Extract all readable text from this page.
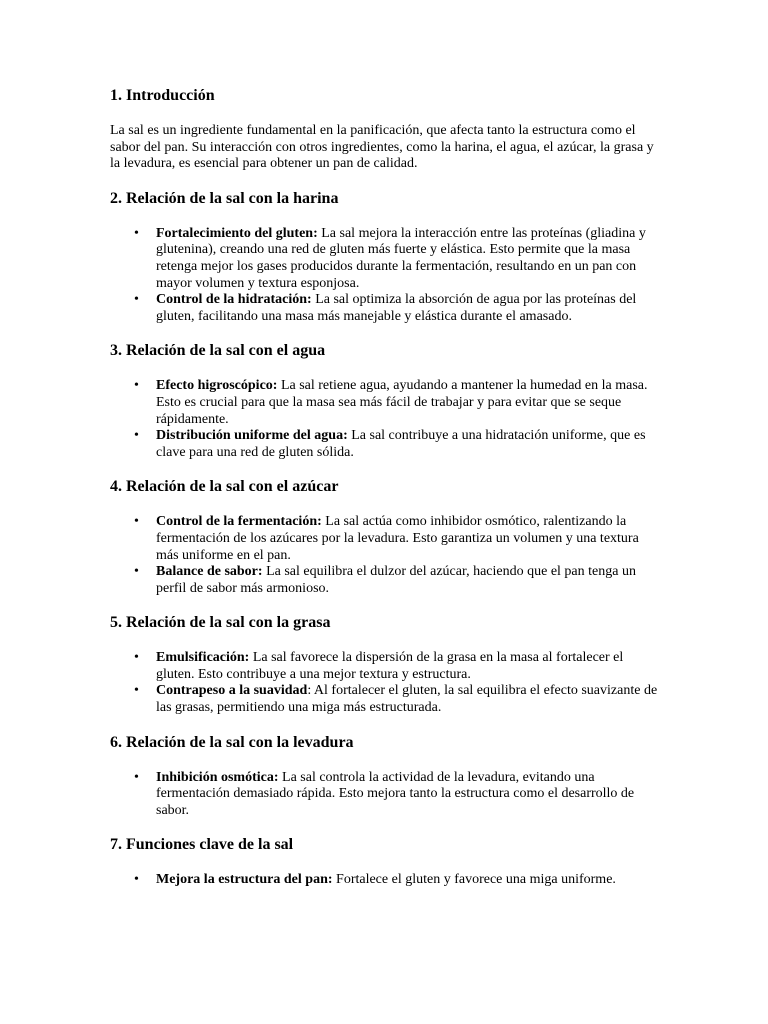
1. Introducción

La sal es un ingrediente fundamental en la panificación, que afecta tanto la estructura como el sabor del pan. Su interacción con otros ingredientes, como la harina, el agua, el azúcar, la grasa y la levadura, es esencial para obtener un pan de calidad.

2. Relación de la sal con la harina
• Fortalecimiento del gluten: La sal mejora la interacción entre las proteínas (gliadina y glutenina), creando una red de gluten más fuerte y elástica. Esto permite que la masa retenga mejor los gases producidos durante la fermentación, resultando en un pan con mayor volumen y textura esponjosa.
• Control de la hidratación: La sal optimiza la absorción de agua por las proteínas del gluten, facilitando una masa más manejable y elástica durante el amasado.
3. Relación de la sal con el agua
• Efecto higroscópico: La sal retiene agua, ayudando a mantener la humedad en la masa. Esto es crucial para que la masa sea más fácil de trabajar y para evitar que se seque rápidamente.
• Distribución uniforme del agua: La sal contribuye a una hidratación uniforme, que es clave para una red de gluten sólida.
4. Relación de la sal con el azúcar
• Control de la fermentación: La sal actúa como inhibidor osmótico, ralentizando la fermentación de los azúcares por la levadura. Esto garantiza un volumen y una textura más uniforme en el pan.
• Balance de sabor: La sal equilibra el dulzor del azúcar, haciendo que el pan tenga un perfil de sabor más armonioso.
5. Relación de la sal con la grasa
• Emulsificación: La sal favorece la dispersión de la grasa en la masa al fortalecer el gluten. Esto contribuye a una mejor textura y estructura.
• Contrapeso a la suavidad: Al fortalecer el gluten, la sal equilibra el efecto suavizante de las grasas, permitiendo una miga más estructurada.
6. Relación de la sal con la levadura
• Inhibición osmótica: La sal controla la actividad de la levadura, evitando una fermentación demasiado rápida. Esto mejora tanto la estructura como el desarrollo de sabor.
7. Funciones clave de la sal
• Mejora la estructura del pan: Fortalece el gluten y favorece una miga uniforme.
